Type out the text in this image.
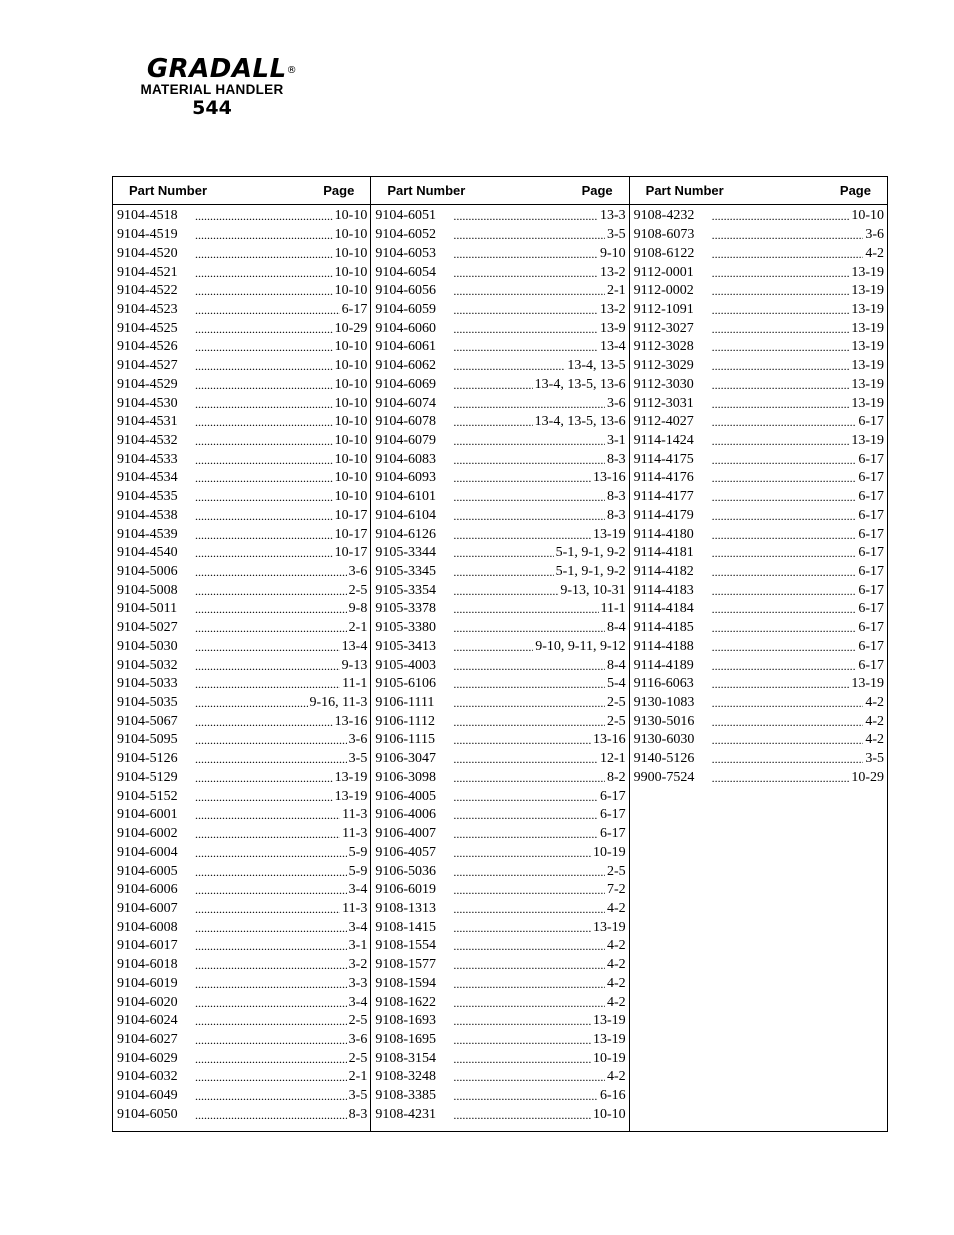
GRADALL®
MATERIAL HANDLER
544
Part Number	Page
9104-4518 .....	10-10
9104-4519 .....	10-10
9104-4520 .....	10-10
9104-4521 .....	10-10
9104-4522 .....	10-10
9104-4523 .....	6-17
9104-4525 .....	10-29
9104-4526 .....	10-10
9104-4527 .....	10-10
9104-4529 .....	10-10
9104-4530 .....	10-10
9104-4531 .....	10-10
9104-4532 .....	10-10
9104-4533 .....	10-10
9104-4534 .....	10-10
9104-4535 .....	10-10
9104-4538 .....	10-17
9104-4539 .....	10-17
9104-4540 .....	10-17
9104-5006 .....	3-6
9104-5008 .....	2-5
9104-5011 .....	9-8
9104-5027 .....	2-1
9104-5030 .....	13-4
9104-5032 .....	9-13
9104-5033 .....	11-1
9104-5035 .....	9-16, 11-3
9104-5067 .....	13-16
9104-5095 .....	3-6
9104-5126 .....	3-5
9104-5129 .....	13-19
9104-5152 .....	13-19
9104-6001 .....	11-3
9104-6002 .....	11-3
9104-6004 .....	5-9
9104-6005 .....	5-9
9104-6006 .....	3-4
9104-6007 .....	11-3
9104-6008 .....	3-4
9104-6017 .....	3-1
9104-6018 .....	3-2
9104-6019 .....	3-3
9104-6020 .....	3-4
9104-6024 .....	2-5
9104-6027 .....	3-6
9104-6029 .....	2-5
9104-6032 .....	2-1
9104-6049 .....	3-5
9104-6050 .....	8-3
Part Number	Page
9104-6051 .....	13-3
9104-6052 .....	3-5
9104-6053 .....	9-10
9104-6054 .....	13-2
9104-6056 .....	2-1
9104-6059 .....	13-2
9104-6060 .....	13-9
9104-6061 .....	13-4
9104-6062 .....	13-4, 13-5
9104-6069 .....	13-4, 13-5, 13-6
9104-6074 .....	3-6
9104-6078 .....	13-4, 13-5, 13-6
9104-6079 .....	3-1
9104-6083 .....	8-3
9104-6093 .....	13-16
9104-6101 .....	8-3
9104-6104 .....	8-3
9104-6126 .....	13-19
9105-3344 .....	5-1, 9-1, 9-2
9105-3345 .....	5-1, 9-1, 9-2
9105-3354 .....	9-13, 10-31
9105-3378 .....	11-1
9105-3380 .....	8-4
9105-3413 .....	9-10, 9-11, 9-12
9105-4003 .....	8-4
9105-6106 .....	5-4
9106-1111 .....	2-5
9106-1112 .....	2-5
9106-1115 .....	13-16
9106-3047 .....	12-1
9106-3098 .....	8-2
9106-4005 .....	6-17
9106-4006 .....	6-17
9106-4007 .....	6-17
9106-4057 .....	10-19
9106-5036 .....	2-5
9106-6019 .....	7-2
9108-1313 .....	4-2
9108-1415 .....	13-19
9108-1554 .....	4-2
9108-1577 .....	4-2
9108-1594 .....	4-2
9108-1622 .....	4-2
9108-1693 .....	13-19
9108-1695 .....	13-19
9108-3154 .....	10-19
9108-3248 .....	4-2
9108-3385 .....	6-16
9108-4231 .....	10-10
Part Number	Page
9108-4232 .....	10-10
9108-6073 .....	3-6
9108-6122 .....	4-2
9112-0001 .....	13-19
9112-0002 .....	13-19
9112-1091 .....	13-19
9112-3027 .....	13-19
9112-3028 .....	13-19
9112-3029 .....	13-19
9112-3030 .....	13-19
9112-3031 .....	13-19
9112-4027 .....	6-17
9114-1424 .....	13-19
9114-4175 .....	6-17
9114-4176 .....	6-17
9114-4177 .....	6-17
9114-4179 .....	6-17
9114-4180 .....	6-17
9114-4181 .....	6-17
9114-4182 .....	6-17
9114-4183 .....	6-17
9114-4184 .....	6-17
9114-4185 .....	6-17
9114-4188 .....	6-17
9114-4189 .....	6-17
9116-6063 .....	13-19
9130-1083 .....	4-2
9130-5016 .....	4-2
9130-6030 .....	4-2
9140-5126 .....	3-5
9900-7524 .....	10-29
